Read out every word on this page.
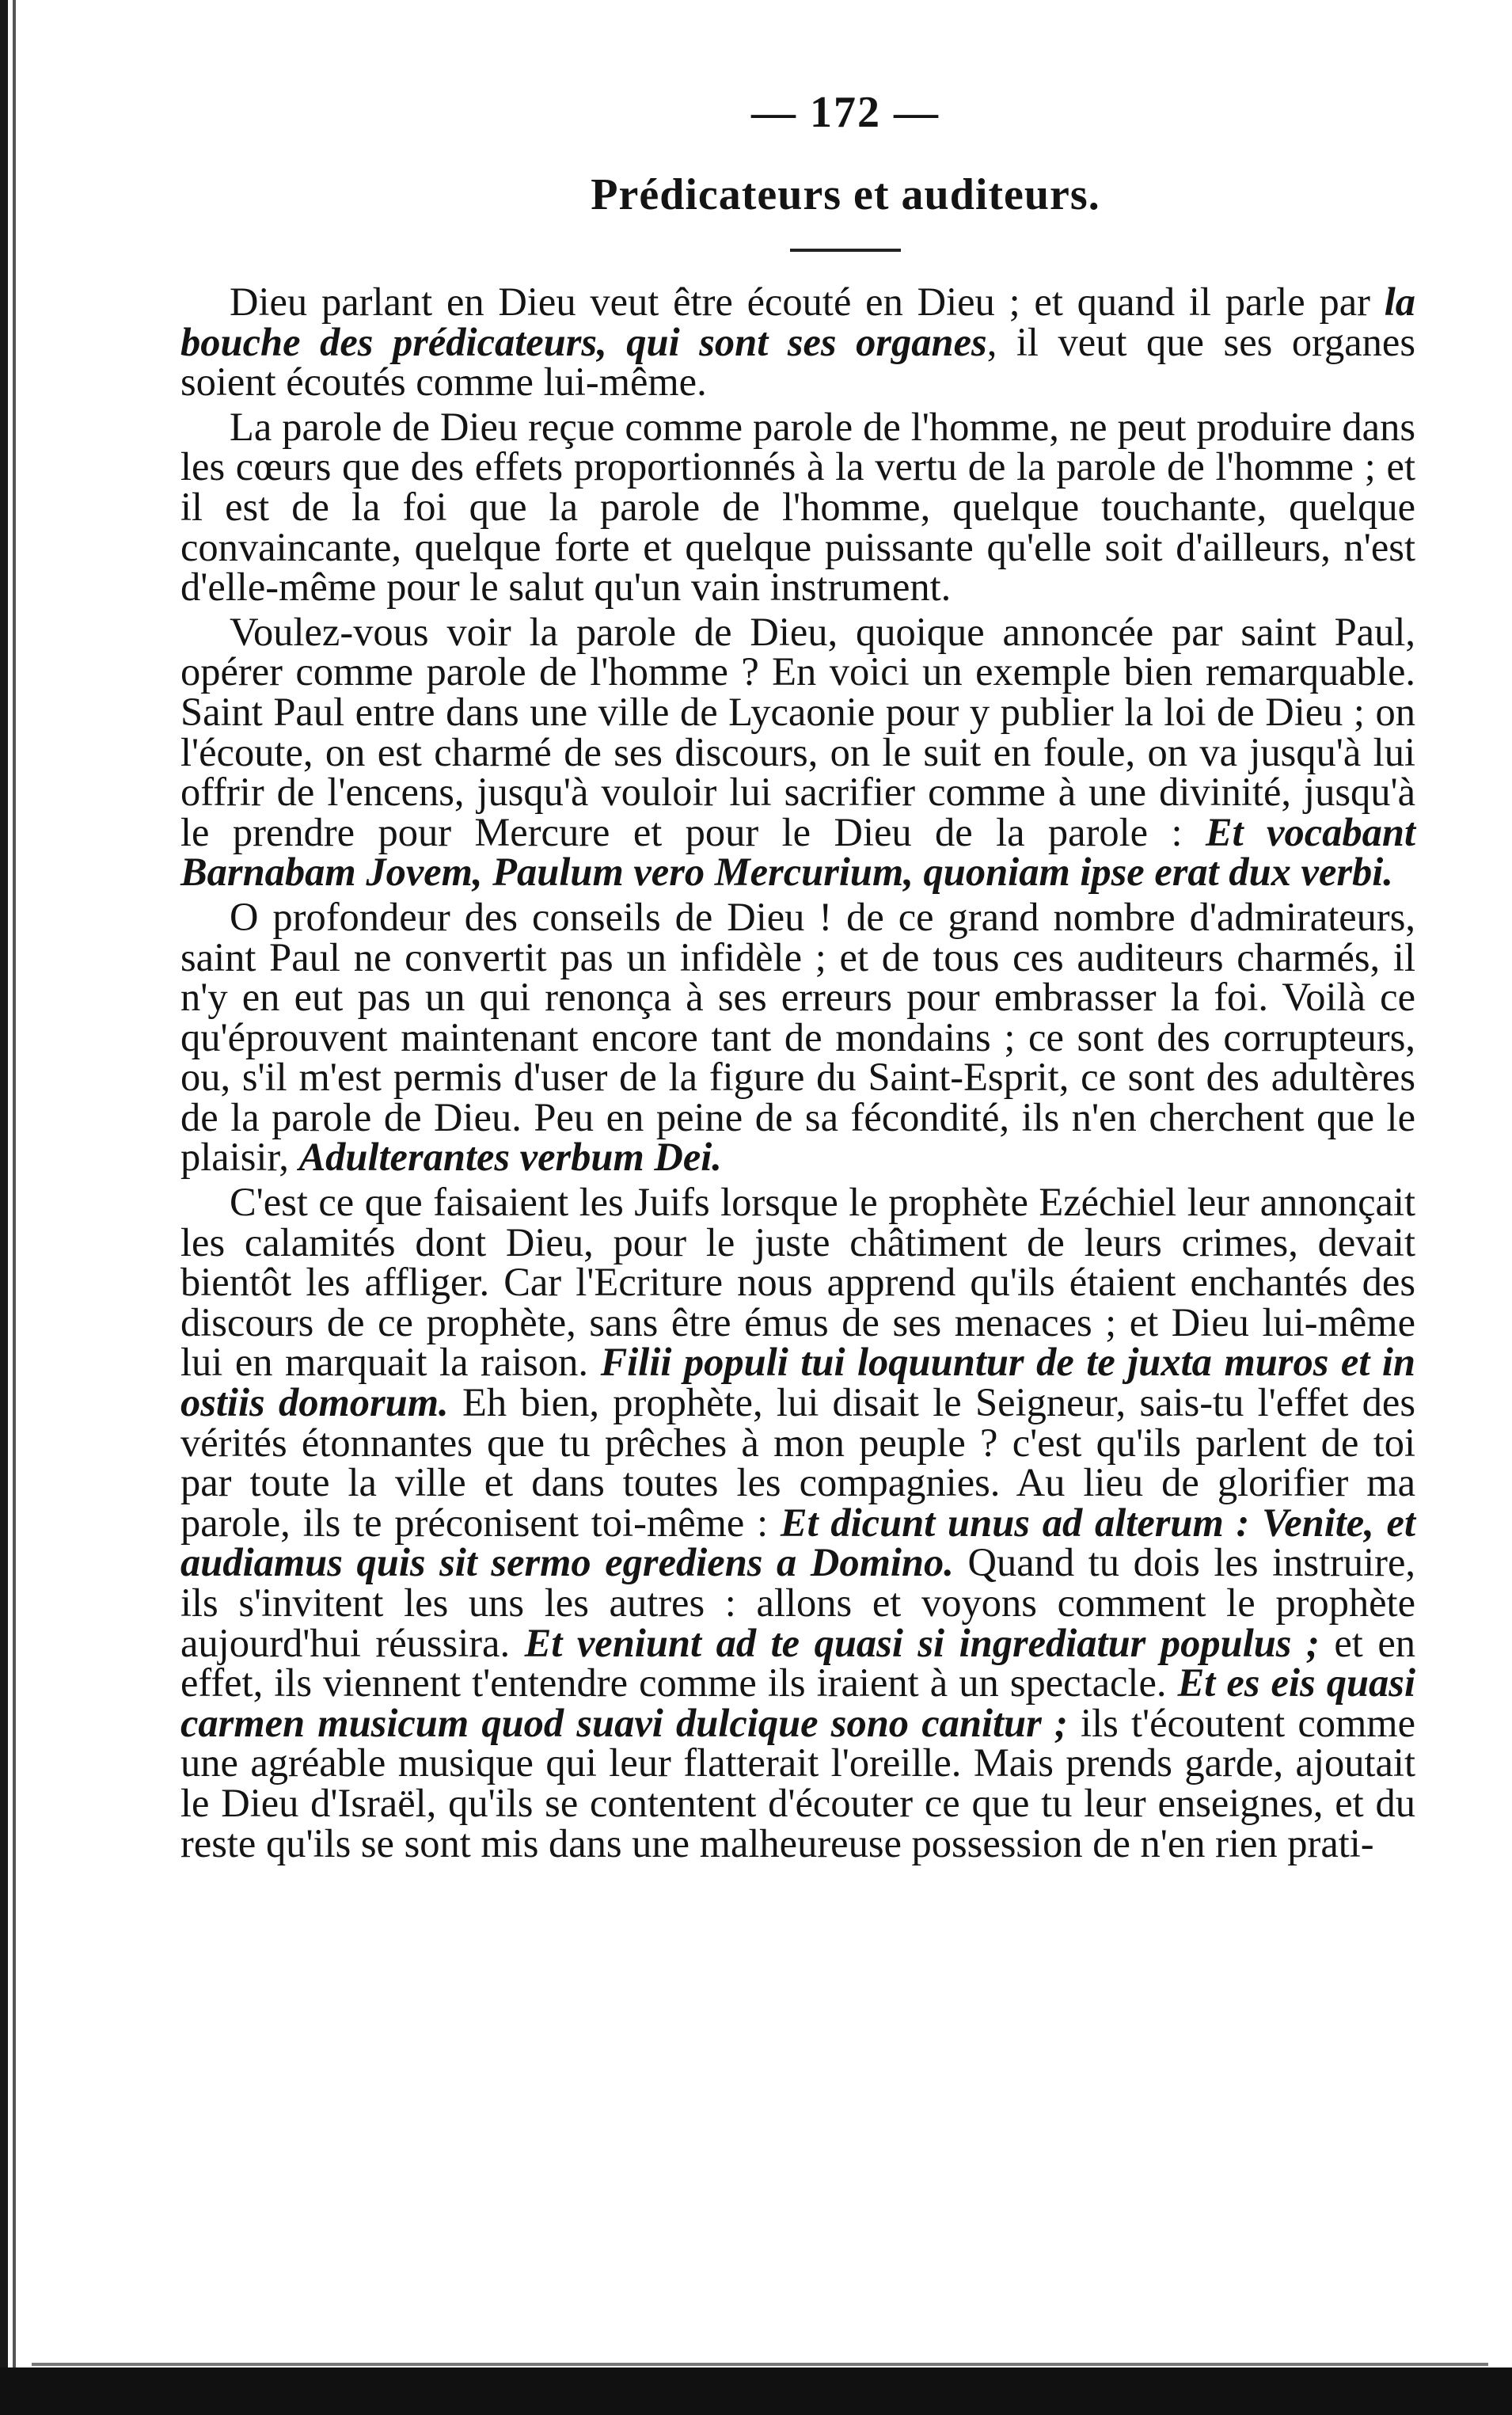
— 172 —
Prédicateurs et auditeurs.

Dieu parlant en Dieu veut être écouté en Dieu ; et quand il parle par la bouche des prédicateurs, qui sont ses organes, il veut que ses organes soient écoutés comme lui-même.

La parole de Dieu reçue comme parole de l'homme, ne peut produire dans les cœurs que des effets proportionnés à la vertu de la parole de l'homme ; et il est de la foi que la parole de l'homme, quelque touchante, quelque convaincante, quelque forte et quelque puissante qu'elle soit d'ailleurs, n'est d'elle-même pour le salut qu'un vain instrument.

Voulez-vous voir la parole de Dieu, quoique annoncée par saint Paul, opérer comme parole de l'homme ? En voici un exemple bien remarquable. Saint Paul entre dans une ville de Lycaonie pour y publier la loi de Dieu ; on l'écoute, on est charmé de ses discours, on le suit en foule, on va jusqu'à lui offrir de l'encens, jusqu'à vouloir lui sacrifier comme à une divinité, jusqu'à le prendre pour Mercure et pour le Dieu de la parole : Et vocabant Barnabam Jovem, Paulum vero Mercurium, quoniam ipse erat dux verbi.

O profondeur des conseils de Dieu ! de ce grand nombre d'admirateurs, saint Paul ne convertit pas un infidèle ; et de tous ces auditeurs charmés, il n'y en eut pas un qui renonça à ses erreurs pour embrasser la foi. Voilà ce qu'éprouvent maintenant encore tant de mondains ; ce sont des corrupteurs, ou, s'il m'est permis d'user de la figure du Saint-Esprit, ce sont des adultères de la parole de Dieu. Peu en peine de sa fécondité, ils n'en cherchent que le plaisir, Adulterantes verbum Dei.

C'est ce que faisaient les Juifs lorsque le prophète Ezéchiel leur annonçait les calamités dont Dieu, pour le juste châtiment de leurs crimes, devait bientôt les affliger. Car l'Ecriture nous apprend qu'ils étaient enchantés des discours de ce prophète, sans être émus de ses menaces ; et Dieu lui-même lui en marquait la raison. Filii populi tui loquuntur de te juxta muros et in ostiis domorum. Eh bien, prophète, lui disait le Seigneur, sais-tu l'effet des vérités étonnantes que tu prêches à mon peuple ? c'est qu'ils parlent de toi par toute la ville et dans toutes les compagnies. Au lieu de glorifier ma parole, ils te préconisent toi-même : Et dicunt unus ad alterum : Venite, et audiamus quis sit sermo egrediens a Domino. Quand tu dois les instruire, ils s'invitent les uns les autres : allons et voyons comment le prophète aujourd'hui réussira. Et veniunt ad te quasi si ingrediatur populus ; et en effet, ils viennent t'entendre comme ils iraient à un spectacle. Et es eis quasi carmen musicum quod suavi dulcique sono canitur ; ils t'écoutent comme une agréable musique qui leur flatterait l'oreille. Mais prends garde, ajoutait le Dieu d'Israël, qu'ils se contentent d'écouter ce que tu leur enseignes, et du reste qu'ils se sont mis dans une malheureuse possession de n'en rien prati-
